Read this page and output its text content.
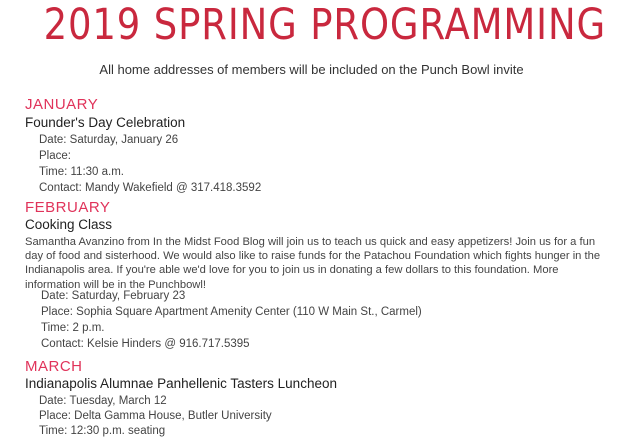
2019 SPRING PROGRAMMING
All home addresses of members will be included on the Punch Bowl invite
JANUARY
Founder's Day Celebration
Date: Saturday, January 26
Place:
Time: 11:30 a.m.
Contact: Mandy Wakefield @ 317.418.3592
FEBRUARY
Cooking Class
Samantha Avanzino from In the Midst Food Blog will join us to teach us quick and easy appetizers! Join us for a fun day of food and sisterhood. We would also like to raise funds for the Patachou Foundation which fights hunger in the Indianapolis area. If you're able we'd love for you to join us in donating a few dollars to this foundation. More information will be in the Punchbowl!
Date: Saturday, February 23
Place: Sophia Square Apartment Amenity Center (110 W Main St., Carmel)
Time: 2 p.m.
Contact: Kelsie Hinders @ 916.717.5395
MARCH
Indianapolis Alumnae Panhellenic Tasters Luncheon
Date: Tuesday, March 12
Place: Delta Gamma House, Butler University
Time: 12:30 p.m. seating
